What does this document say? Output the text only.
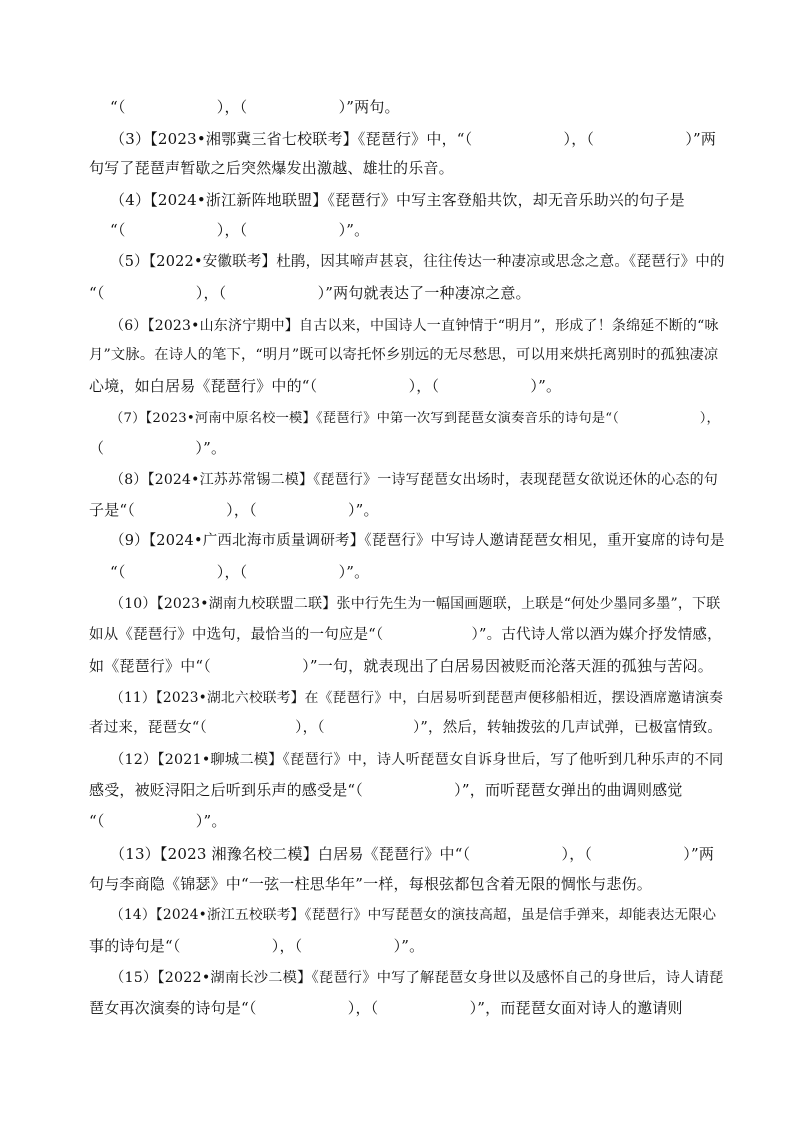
“（　　　　　　），（　　　　　　）”两句。
（3）【2023•湘鄂冀三省七校联考】《琵琶行》中，“（　　　　　　），（　　　　　　）”两
句写了琵琶声暂歇之后突然爆发出激越、雄壮的乐音。
（4）【2024•浙江新阵地联盟】《琵琶行》中写主客登船共饮，却无音乐助兴的句子是
“（　　　　　　），（　　　　　　）”。
（5）【2022•安徽联考】杜鹃，因其啼声甚哀，往往传达一种凄凉或思念之意。《琵琶行》中的
“（　　　　　　），（　　　　　　）”两句就表达了一种凄凉之意。
（6）【2023•山东济宁期中】自古以来，中国诗人一直钟情于“明月”，形成了！条绵延不断的“咏
月”文脉。在诗人的笔下，“明月”既可以寄托怀乡别远的无尽愁思，可以用来烘托离别时的孤独凄凉
心境，如白居易《琵琶行》中的“（　　　　　　），（　　　　　　）”。
（7）【2023•河南中原名校一模】《琵琶行》中第一次写到琵琶女演奏音乐的诗句是“（　　　　　　），
（　　　　　　）”。
（8）【2024•江苏苏常锡二模】《琵琶行》一诗写琵琶女出场时，表现琵琶女欲说还休的心态的句
子是“（　　　　　　），（　　　　　　）”。
（9）【2024•广西北海市质量调研考】《琵琶行》中写诗人邀请琵琶女相见，重开宴席的诗句是
“（　　　　　　），（　　　　　　）”。
（10）【2023•湖南九校联盟二联】张中行先生为一幅国画题联，上联是“何处少墨同多墨”，下联
如从《琵琶行》中选句，最恰当的一句应是“（　　　　　　）”。古代诗人常以酒为媒介抒发情感，
如《琵琶行》中“（　　　　　　）”一句，就表现出了白居易因被贬而沦落天涯的孤独与苦闷。
（11）【2023•湖北六校联考】在《琵琶行》中，白居易听到琵琶声便移船相近，摆设酒席邀请演奏
者过来，琵琶女“（　　　　　　），（　　　　　　）”，然后，转轴拨弦的几声试弹，已极富情致。
（12）【2021•聊城二模】《琵琶行》中，诗人听琵琶女自诉身世后，写了他听到几种乐声的不同
感受，被贬浔阳之后听到乐声的感受是“（　　　　　　）”，而听琵琶女弹出的曲调则感觉
“（　　　　　　）”。
（13）【2023 湘豫名校二模】白居易《琵琶行》中“（　　　　　　），（　　　　　　）”两
句与李商隐《锦瑟》中“一弦一柱思华年”一样，每根弦都包含着无限的惆怅与悲伤。
（14）【2024•浙江五校联考】《琵琶行》中写琵琶女的演技高超，虽是信手弹来，却能表达无限心
事的诗句是“（　　　　　　），（　　　　　　）”。
（15）【2022•湖南长沙二模】《琵琶行》中写了解琵琶女身世以及感怀自己的身世后，诗人请琵
琶女再次演奏的诗句是“（　　　　　　），（　　　　　　）”，而琵琶女面对诗人的邀请则
